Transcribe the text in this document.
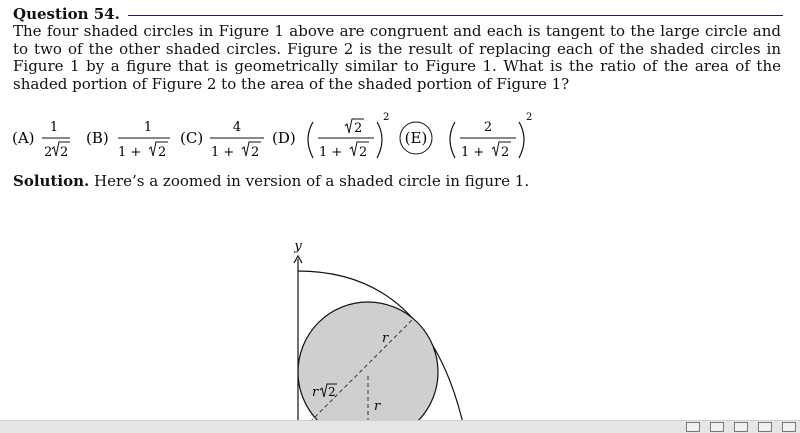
Question 54.
The four shaded circles in Figure 1 above are congruent and each is tangent to the large circle and to two of the other shaded circles. Figure 2 is the result of replacing each of the shaded circles in Figure 1 by a figure that is geometrically similar to Figure 1. What is the ratio of the area of the shaded portion of Figure 2 to the area of the shaded portion of Figure 1?
(A)
1
2 2
(B)
1
1 + 2
(C)
4
1 + 2
(D)
2
1 + 2
2
(E)
2
1 + 2
2
Solution. Here’s a zoomed in version of a shaded circle in figure 1.
y
r
r
r 2
